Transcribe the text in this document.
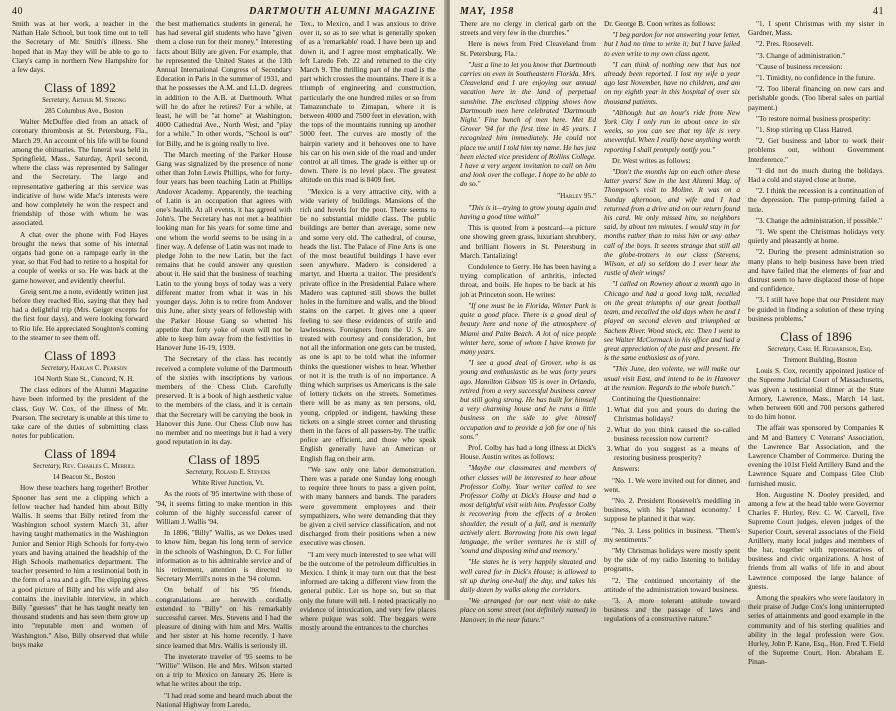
40	DARTMOUTH ALUMNI MAGAZINE

Smith was at her work, a teacher in the Nathan Hale School, but took time out to tell the Secretary of Mr. Smith's illness. She hoped that in May they will be able to go to Clary's camp in northern New Hampshire for a few days.

Class of 1892

Secretary, Arthur M. Strong

285 Columbus Ave., Boston

Walter McDuffee died from an attack of coronary thrombosis at St. Petersburg, Fla., March 29. An account of his life will be found among the obituaries. The funeral was held in Springfield, Mass., Saturday, April second, where the class was represented by Salinger and the Secretary. The large and representative gathering at this service was indicative of how wide Mac's interests were and how completely he won the respect and friendship of those with whom he was associated.

A chat over the phone with Fod Hayes brought the news that some of his internal organs had gone on a rampage early in the year, so that Fod had to retire to a hospital for a couple of weeks or so. He was back at the game however, and evidently cheerful.

Greig sent me a note, evidently written just before they reached Rio, saying that they had had a delightful trip (Mrs. Geiger excepts for the first four days), and were looking forward to Rio life. He appreciated Soughton's coming to the steamer to see them off.

Class of 1893

Secretary, Harlan C. Pearson

104 North State St., Concord, N. H.

The class editors of the Alumni Magazine have been informed by the president of the class, Guy W. Cox, of the illness of Mr. Pearson. The secretary is unable at this time to take care of the duties of submitting class notes for publication.

Class of 1894

Secretary, Rev. Charles C. Merrill

14 Beacon St., Boston

How these teachers hang together! Brother Spooner has sent me a clipping which a fellow teacher had handed him about Billy Wallis. It seems that Billy retired from the Washington school system March 31, after having taught mathematics in the Washington Junior and Senior High Schools for forty-two years and having attained the headship of the High Schools mathematics department. The teacher presented to him a testimonial both in the form of a tea and a gift. The clipping gives a good picture of Billy and his wife and also contains the inevitable interview, in which Billy "guesses" that he has taught nearly ten thousand students and has seen them grow up into "reputable men and women of Washington." Also, Billy observed that while boys make

the best mathematics students in general, he has had several girl students who have "given them a close run for their money." Interesting facts about Billy are given. For example, that he represented the United States at the 13th Annual International Congress of Secondary Education in Paris in the summer of 1931, and that he possesses the A.M. and LL.D. degrees in addition to the A.B. at Dartmouth. What will he do after he retires? For a while, at least, he will be "at home" at Washington, 4000 Cathedral Ave., North West, and "play for a while." In other words, "School is out" for Billy, and he is going really to live.

The March meeting of the Parker House Gang was signalized by the presence of none other than John Lewis Phillips, who for forty-four years has been teaching Latin at Phillips Andover Academy. Apparently, the teaching of Latin is an occupation that agrees with one's health. At all events, it has agreed with John's. The Secretary has not met a healthier looking man for his years for some time and one whom the world seems to be using in a finer way. A defense of Latin was not made to pledge John to the new Latin, but the fact remains that he could answer any question about it. He said that the business of teaching Latin to the young boys of today was a very different matter from what it was in his younger days. John is to retire from Andover this June, after sixty years of fellowship with the Parker House Gang so whetted his appetite that forty yoke of oxen will not be able to keep him away from the festivities in Hanover June 16-19, 1939.

The Secretary of the class has recently received a complete volume of the Dartmouth of the sixties with inscriptions by various members of the Chess Club. Carefully preserved. It is a book of high aesthetic value to the members of the class, and it is certain that the Secretary will be carrying the book in Hanover this June. Our Chess Club now has no member and no meetings but it had a very good reputation in its day.

Class of 1895

Secretary, Roland E. Stevens

White River Junction, Vt.

As the roots of '95 intertwine with those of '94, it seems fitting to make mention in this column of the highly successful career of William J. Wallis '94.

In 1896, "Billy" Wallis, as we Dekes used to know him, began his long term of service in the schools of Washington, D. C. For fuller information as to his admirable service and of his retirement, attention is directed to Secretary Merrill's notes in the '94 column.

On behalf of his '95 friends, congratulations are herewith cordially extended to "Billy" on his remarkably successful career. Mrs. Stevens and I had the pleasure of dining with him and Mrs. Wallis and her sister at his home recently. I have since learned that Mrs. Wallis is seriously ill.

The inveterate traveler of '95 seems to be "Willie" Wilson. He and Mrs. Wilson started on a trip to Mexico on January 26. Here is what he writes about the trip.

"I had read some and heard much about the National Highway from Laredo,

Tex., to Mexico, and I was anxious to drive over it, so as to see what is generally spoken of as a 'remarkable' road. I have been up and down it, and I agree most emphatically. We left Laredo Feb. 22 and returned to the city March 9. The thrilling part of the road is the part which crosses the mountains. There it is a triumph of engineering and construction, particularly the one hundred miles or so from Tamazunchale to Zimapan, where it is between 4000 and 7500 feet in elevation, with the tops of the mountains running up another 5000 feet. The curves are mostly of the hairpin variety and it behooves one to have his car on his own side of the road and under control at all times. The grade is either up or down. There is no level place. The greatest altitude on this road is 8409 feet.

"Mexico is a very attractive city, with a wide variety of buildings. Mansions of the rich and hovels for the poor. There seems to be no substantial middle class. The public buildings are better than average, some new and some very old. The cathedral, of course, heads the list. The Palace of Fine Arts is one of the most beautiful buildings I have ever seen anywhere. Madero is considered a martyr, and Huerta a traitor. The president's private office in the Presidential Palace where Madero was captured still shows the bullet holes in the furniture and walls, and the blood stains on the carpet. It gives one a queer feeling to see these evidences of strife and lawlessness. Foreigners from the U. S. are treated with courtesy and consideration, but not all the information one gets can be trusted, as one is apt to be told what the informer thinks the questioner wishes to hear. Whether or not it is the truth is of no importance. A thing which surprises us Americans is the sale of lottery tickets on the streets. Sometimes there will be as many as ten persons, old, young, crippled or indigent, hawking these tickets on a single street corner and thrusting them in the faces of all passers-by. The traffic police are efficient, and those who speak English generally have an American or English flag on their arm.

"We saw only one labor demonstration. There was a parade one Sunday long enough to require three hours to pass a given point, with many banners and bands. The paraders were government employees and their sympathizers, who were demanding that they be given a civil service classification, and not discharged from their positions when a new executive was chosen.

"I am very much interested to see what will be the outcome of the petroleum difficulties in Mexico. I think it may turn out that the best informed are taking a different view from the general public. Let us hope so, but so that only the future will tell. I noted practically no evidence of intoxication, and very few places where pulque was sold. The beggars were mostly around the entrances to the churches

MAY, 1958	41

There are no clergy in clerical garb on the streets and very few in the churches."

Here is news from Fred Cleaveland from St. Petersburg, Fla.:

"Just a line to let you know that Dartmouth carries on even in Southeastern Florida. Mrs. Cleaveland and I are enjoying our annual vacation here in the land of perpetual sunshine. The enclosed clipping shows how Dartmouth men here celebrated 'Dartmouth Night.' Fine bunch of men here. Met Ed Grover '94 for the first time in 45 years. I recognized him immediately. He could not place me until I told him my name. He has just been elected vice president of Rollins College. I have a very urgent invitation to call on him and look over the college. I hope to be able to do so."

"Harley 95."

"This is it—trying to grow young again and having a good time withal"

This is quoted from a postcard—a picture one showing green grass, luxuriant shrubbery, and brilliant flowers in St. Petersburg in March. Tantalizing!

Condolence to Gerry. He has been having a trying complication of arthritis, infected throat, and boils. He hopes to be back at his job at Princeton soon. He writes:

"If one must be in Florida, Winter Park is quite a good place. There is a good deal of beauty here and none of the atmosphere of Miami and Palm Beach. A lot of nice people winter here, some of whom I have known for many years.

"I see a good deal of Grover, who is as young and enthusiastic as he was forty years ago. Hamilton Gibson '05 is over in Orlando, retired from a very successful business career but still going strong. He has built for himself a very charming house and he runs a little business on the side to give himself occupation and to provide a job for one of his sons."

Prof. Colby has had a long illness at Dick's House. Austin writes as follows:

"Maybe our classmates and members of other classes will be interested to hear about Professor Colby. Your writer called to see Professor Colby at Dick's House and had a most delightful visit with him. Professor Colby is recovering from the effects of a broken shoulder, the result of a fall, and is mentally actively alert. Borrowing from his own legal language, the writer ventures he is still of 'sound and disposing mind and memory.'

"He states he is very happily situated and well cared for in Dick's House; is allowed to sit up during one-half the day, and takes his daily dozen by walks along the corridors.

"We arranged for our next visit to take place on some street (not definitely named) in Hanover, in the near future."

Dr. George B. Coon writes as follows:

"I beg pardon for not answering your letter, but I had no time to write it; but I have failed to even write to my own class agent.

"I can think of nothing new that has not already been reported. I lost my wife a year ago last November, have no children, and am on my eighth year in this hospital of over six thousand patients.

"Although but an hour's ride from New York City I only run in about once in six weeks, so you can see that my life is very uneventful. When I really have anything worth reporting I shall promptly notify you."

Dr. West writes as follows:

"Don't the months lap on each other these latter years! Saw in the last Alumni Mag. of Thompson's visit to Moline. It was on a Sunday afternoon, and wife and I had returned from a drive and on our return found his card. We only missed him, so neighbors said, by about ten minutes. I would stay in for months rather than to miss him or any other call of the boys. It seems strange that still all the globe-trotters in our class (Stevens, Wilson, et al) so seldom do I ever hear the rustle of their wings!

"I called on Rowney about a month ago in Chicago and had a good long talk, recalled on the great triumphs of our great football team, and recalled the old days when he and I played on second eleven and triumphed at Sachem River. Wood stock, etc. Then I went to see Walter McCormack in his office and had a great appreciation of the past and present. He is the same enthusiast as of yore.

"This June, deo volente, we will make our usual visit East, and intend to be in Hanover at the reunion. Regards to the whole bunch."

Continuing the Questionnaire:

1. What did you and yours do during the Christmas holidays?
2. What do you think caused the so-called business recession now current?
3. What do you suggest as a means of restoring business prosperity?

Answers:

"No. 1. We were invited out for dinner, and went.

"No. 2. President Roosevelt's meddling in business, with his 'planned economy.' I suppose he planned it that way.

"No. 3. Less politics in business. "Them's my sentiments."

"My Christmas holidays were mostly spent by the side of my radio listening to holiday programs.

"2. The continued uncertainty of the attitude of the administration toward business.

"3. A more tolerant attitude toward business and the passage of laws and regulations of a constructive nature."

"1. I spent Christmas with my sister in Gardner, Mass.

"2. Pres. Roosevelt.

"3. Change of administration."

"Cause of business recession:

"1. Timidity, no confidence in the future.

"2. Too liberal financing on new cars and perishable goods. (Too liberal sales on partial payment.)

"To restore normal business prosperity:

"1. Stop stirring up Class Hatred.

"2. Get business and labor to work their problems out, without Government Interference."

"I did not do much during the holidays. Had a cold and stayed close at home.

"2. I think the recession is a continuation of the depression. The pump-priming failed a little.

"3. Change the administration, if possible."

"1. We spent the Christmas holidays very quietly and pleasantly at home.

"2. During the present administration so many plans to help business have been tried and have failed that the elements of fear and distrust seem to have displaced those of hope and confidence.

"3. I still have hope that our President may be guided in finding a solution of these trying business problems."

Class of 1896

Secretary, Carl H. Richardson, Esq.

Tremont Building, Boston

Louis S. Cox, recently appointed justice of the Supreme Judicial Court of Massachusetts, was given a testimonial dinner at the State Armory, Lawrence, Mass., March 14 last, when between 600 and 700 persons gathered to do him honor.

The affair was sponsored by Companies K and M and Battery C Veterans' Association, the Lawrence Bar Association, and the Lawrence Chamber of Commerce. During the evening the 101st Field Artillery Band and the Lawrence Square and Compass Glee Club furnished music.

Hon. Augustine N. Dooley presided, and among a few at the head table were Governor Charles F. Hurley, Rev. C. W. Carvell, five Supreme Court judges, eleven judges of the Superior Court, several associates of the Field Artillery, many local judges and members of the bar, together with representatives of business and civic organizations. A host of friends from all walks of life in and about Lawrence composed the large balance of guests.

Among the speakers who were laudatory in their praise of Judge Cox's long uninterrupted series of attainments and good example in the community and of his sterling qualities and ability in the legal profession were Gov. Hurley, John P. Kane, Esq., Hon. Fred T. Field of the Supreme Court, Hon. Abraham E. Pinan-
